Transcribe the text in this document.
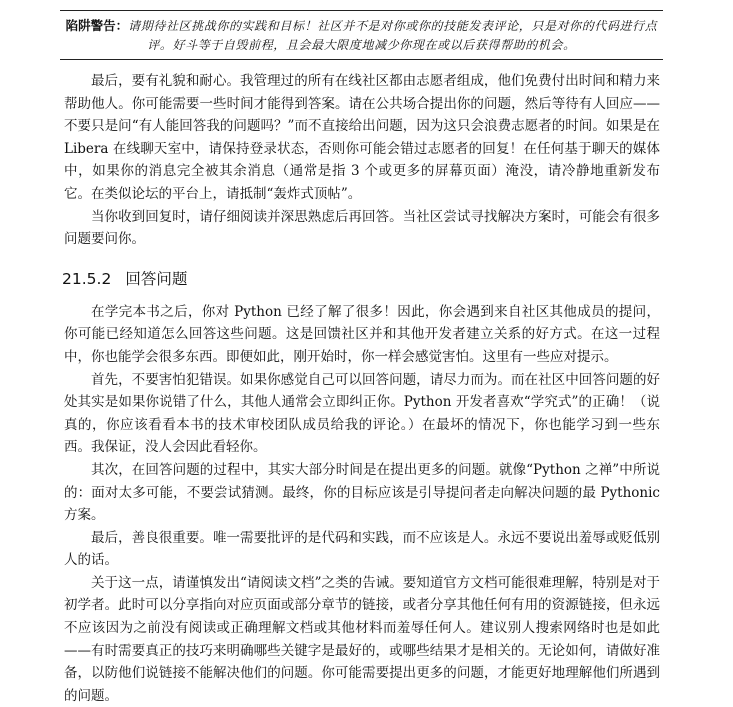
陷阱警告：请期待社区挑战你的实践和目标！社区并不是对你或你的技能发表评论，只是对你的代码进行点评。好斗等于自毁前程，且会最大限度地减少你现在或以后获得帮助的机会。

最后，要有礼貌和耐心。我管理过的所有在线社区都由志愿者组成，他们免费付出时间和精力来帮助他人。你可能需要一些时间才能得到答案。请在公共场合提出你的问题，然后等待有人回应——不要只是问“有人能回答我的问题吗？”而不直接给出问题，因为这只会浪费志愿者的时间。如果是在 Libera 在线聊天室中，请保持登录状态，否则你可能会错过志愿者的回复！在任何基于聊天的媒体中，如果你的消息完全被其余消息（通常是指 3 个或更多的屏幕页面）淹没，请冷静地重新发布它。在类似论坛的平台上，请抵制“轰炸式顶帖”。

当你收到回复时，请仔细阅读并深思熟虑后再回答。当社区尝试寻找解决方案时，可能会有很多问题要问你。

21.5.2 回答问题

在学完本书之后，你对 Python 已经了解了很多！因此，你会遇到来自社区其他成员的提问，你可能已经知道怎么回答这些问题。这是回馈社区并和其他开发者建立关系的好方式。在这一过程中，你也能学会很多东西。即便如此，刚开始时，你一样会感觉害怕。这里有一些应对提示。

首先，不要害怕犯错误。如果你感觉自己可以回答问题，请尽力而为。而在社区中回答问题的好处其实是如果你说错了什么，其他人通常会立即纠正你。Python 开发者喜欢“学究式”的正确！（说真的，你应该看看本书的技术审校团队成员给我的评论。）在最坏的情况下，你也能学习到一些东西。我保证，没人会因此看轻你。

其次，在回答问题的过程中，其实大部分时间是在提出更多的问题。就像“Python 之禅”中所说的：面对太多可能，不要尝试猜测。最终，你的目标应该是引导提问者走向解决问题的最 Pythonic 方案。

最后，善良很重要。唯一需要批评的是代码和实践，而不应该是人。永远不要说出羞辱或贬低别人的话。

关于这一点，请谨慎发出“请阅读文档”之类的告诫。要知道官方文档可能很难理解，特别是对于初学者。此时可以分享指向对应页面或部分章节的链接，或者分享其他任何有用的资源链接，但永远不应该因为之前没有阅读或正确理解文档或其他材料而羞辱任何人。建议别人搜索网络时也是如此——有时需要真正的技巧来明确哪些关键字是最好的，或哪些结果才是相关的。无论如何，请做好准备，以防他们说链接不能解决他们的问题。你可能需要提出更多的问题，才能更好地理解他们所遇到的问题。
